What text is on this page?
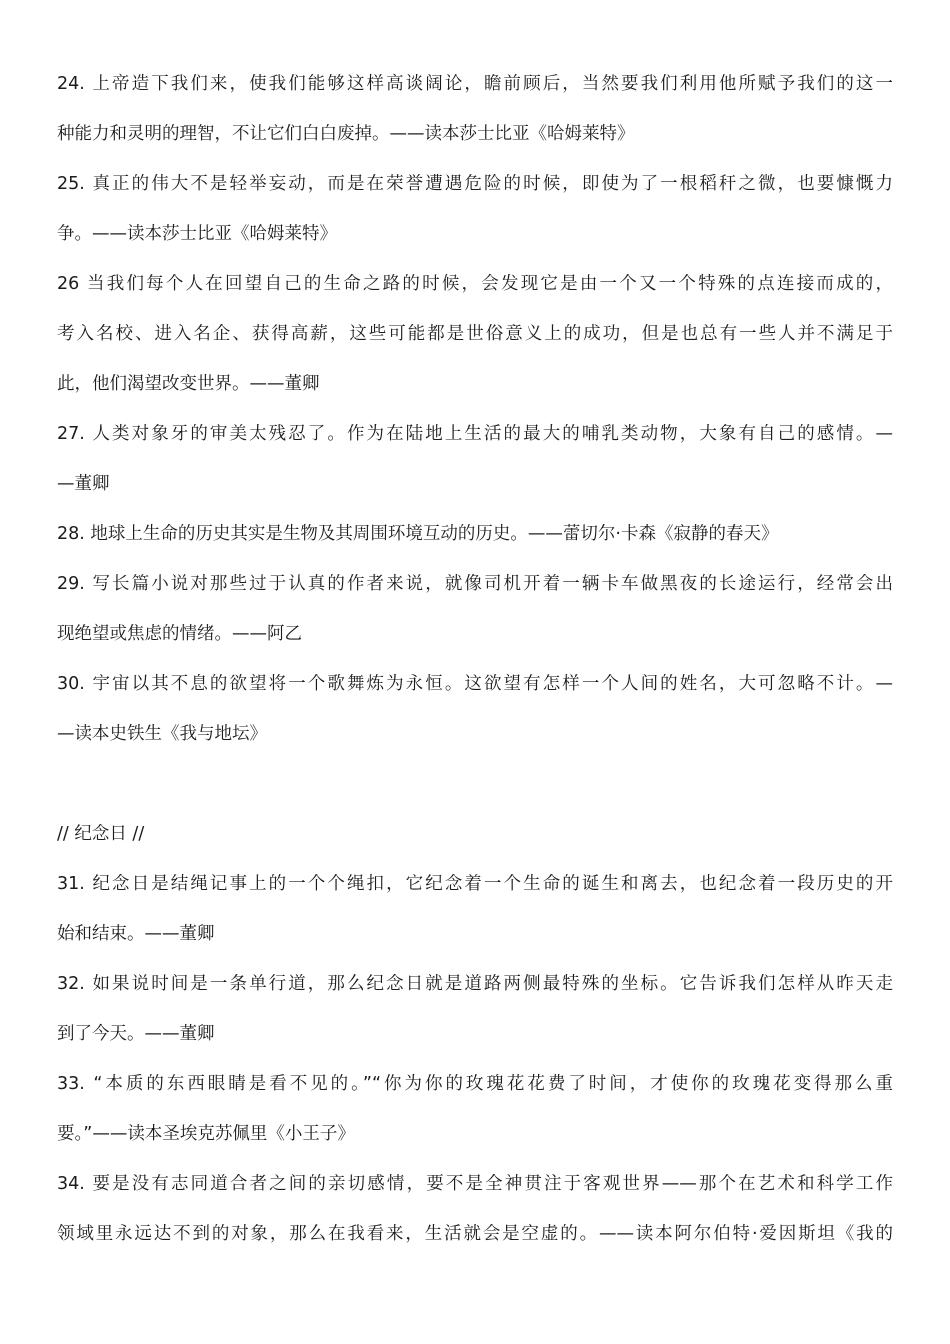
24. 上帝造下我们来，使我们能够这样高谈阔论，瞻前顾后，当然要我们利用他所赋予我们的这一
种能力和灵明的理智，不让它们白白废掉。——读本莎士比亚《哈姆莱特》
25. 真正的伟大不是轻举妄动，而是在荣誉遭遇危险的时候，即使为了一根稻秆之微，也要慷慨力
争。——读本莎士比亚《哈姆莱特》
26 当我们每个人在回望自己的生命之路的时候，会发现它是由一个又一个特殊的点连接而成的，
考入名校、进入名企、获得高薪，这些可能都是世俗意义上的成功，但是也总有一些人并不满足于
此，他们渴望改变世界。——董卿
27. 人类对象牙的审美太残忍了。作为在陆地上生活的最大的哺乳类动物，大象有自己的感情。—
—董卿
28. 地球上生命的历史其实是生物及其周围环境互动的历史。——蕾切尔·卡森《寂静的春天》
29. 写长篇小说对那些过于认真的作者来说，就像司机开着一辆卡车做黑夜的长途运行，经常会出
现绝望或焦虑的情绪。——阿乙
30. 宇宙以其不息的欲望将一个歌舞炼为永恒。这欲望有怎样一个人间的姓名，大可忽略不计。—
—读本史铁生《我与地坛》
// 纪念日 //
31. 纪念日是结绳记事上的一个个绳扣，它纪念着一个生命的诞生和离去，也纪念着一段历史的开
始和结束。——董卿
32. 如果说时间是一条单行道，那么纪念日就是道路两侧最特殊的坐标。它告诉我们怎样从昨天走
到了今天。——董卿
33. “本质的东西眼睛是看不见的。”“你为你的玫瑰花花费了时间，才使你的玫瑰花变得那么重
要。”——读本圣埃克苏佩里《小王子》
34. 要是没有志同道合者之间的亲切感情，要不是全神贯注于客观世界——那个在艺术和科学工作
领域里永远达不到的对象，那么在我看来，生活就会是空虚的。——读本阿尔伯特·爱因斯坦《我的
